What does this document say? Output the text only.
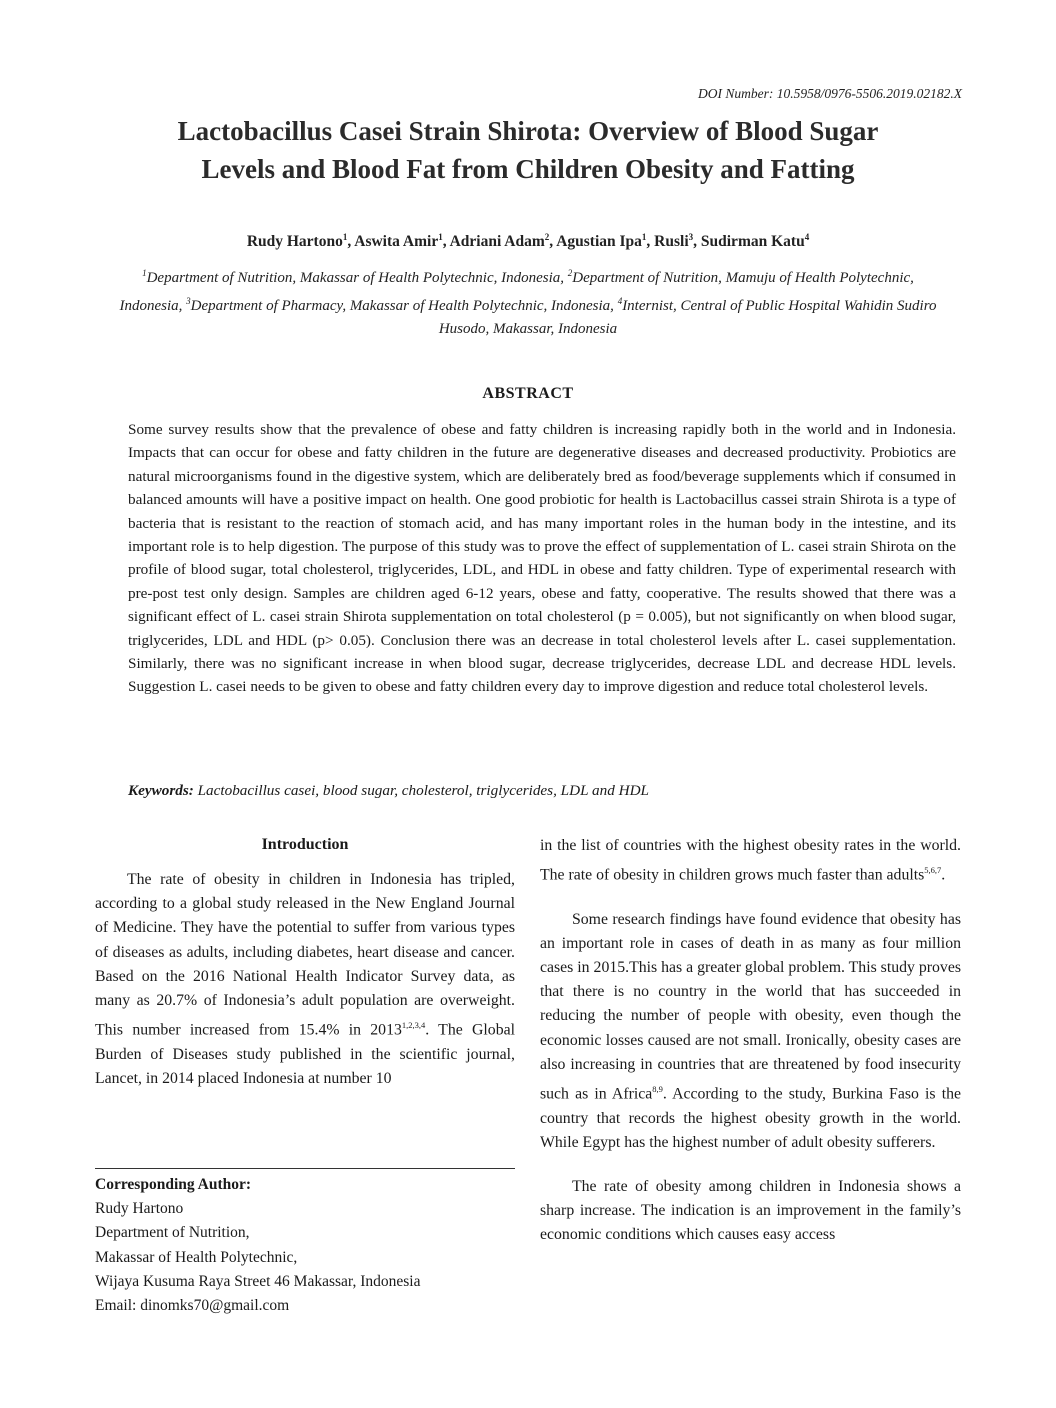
DOI Number: 10.5958/0976-5506.2019.02182.X
Lactobacillus Casei Strain Shirota: Overview of Blood Sugar
Levels and Blood Fat from Children Obesity and Fatting
Rudy Hartono$^1$, Aswita Amir$^1$, Adriani Adam$^2$, Agustian Ipa$^1$, Rusli$^3$, Sudirman Katu$^4$
$^1$Department of Nutrition, Makassar of Health Polytechnic, Indonesia, $^2$Department of Nutrition, Mamuju of Health Polytechnic, Indonesia, $^3$Department of Pharmacy, Makassar of Health Polytechnic, Indonesia, $^4$Internist, Central of Public Hospital Wahidin Sudiro Husodo, Makassar, Indonesia
ABSTRACT

Some survey results show that the prevalence of obese and fatty children is increasing rapidly both in the world and in Indonesia. Impacts that can occur for obese and fatty children in the future are degenerative diseases and decreased productivity. Probiotics are natural microorganisms found in the digestive system, which are deliberately bred as food/beverage supplements which if consumed in balanced amounts will have a positive impact on health. One good probiotic for health is Lactobacillus cassei strain Shirota is a type of bacteria that is resistant to the reaction of stomach acid, and has many important roles in the human body in the intestine, and its important role is to help digestion. The purpose of this study was to prove the effect of supplementation of L. casei strain Shirota on the profile of blood sugar, total cholesterol, triglycerides, LDL, and HDL in obese and fatty children. Type of experimental research with pre-post test only design. Samples are children aged 6-12 years, obese and fatty, cooperative. The results showed that there was a significant effect of L. casei strain Shirota supplementation on total cholesterol (p = 0.005), but not significantly on when blood sugar, triglycerides, LDL and HDL (p> 0.05). Conclusion there was an decrease in total cholesterol levels after L. casei supplementation. Similarly, there was no significant increase in when blood sugar, decrease triglycerides, decrease LDL and decrease HDL levels. Suggestion L. casei needs to be given to obese and fatty children every day to improve digestion and reduce total cholesterol levels.

Keywords: Lactobacillus casei, blood sugar, cholesterol, triglycerides, LDL and HDL
Introduction

The rate of obesity in children in Indonesia has tripled, according to a global study released in the New England Journal of Medicine. They have the potential to suffer from various types of diseases as adults, including diabetes, heart disease and cancer. Based on the 2016 National Health Indicator Survey data, as many as 20.7% of Indonesia’s adult population are overweight. This number increased from 15.4% in 2013$^{1,2,3,4}$. The Global Burden of Diseases study published in the scientific journal, Lancet, in 2014 placed Indonesia at number 10

in the list of countries with the highest obesity rates in the world. The rate of obesity in children grows much faster than adults$^{5,6,7}$.

Some research findings have found evidence that obesity has an important role in cases of death in as many as four million cases in 2015.This has a greater global problem. This study proves that there is no country in the world that has succeeded in reducing the number of people with obesity, even though the economic losses caused are not small. Ironically, obesity cases are also increasing in countries that are threatened by food insecurity such as in Africa$^{8,9}$. According to the study, Burkina Faso is the country that records the highest obesity growth in the world. While Egypt has the highest number of adult obesity sufferers.

The rate of obesity among children in Indonesia shows a sharp increase. The indication is an improvement in the family’s economic conditions which causes easy access

Corresponding Author:
Rudy Hartono
Department of Nutrition,
Makassar of Health Polytechnic,
Wijaya Kusuma Raya Street 46 Makassar, Indonesia
Email: dinomks70@gmail.com
